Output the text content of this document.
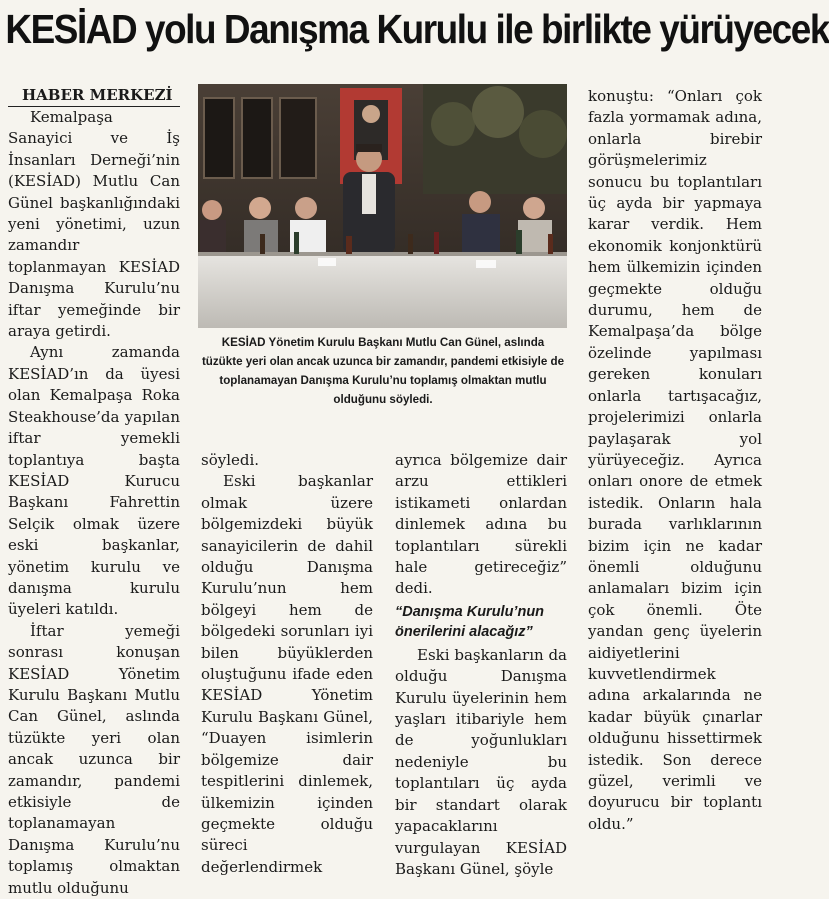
KESİAD yolu Danışma Kurulu ile birlikte yürüyecek
HABER MERKEZİ

Kemalpaşa Sanayici ve İş İnsanları Derneği’nin (KESİAD) Mutlu Can Günel başkanlığındaki yeni yönetimi, uzun zamandır toplanmayan KESİAD Danışma Kurulu’nu iftar yemeğinde bir araya getirdi.

Aynı zamanda KESİAD’ın da üyesi olan Kemalpaşa Roka Steakhouse’da yapılan iftar yemekli toplantıya başta KESİAD Kurucu Başkanı Fahrettin Selçik olmak üzere eski başkanlar, yönetim kurulu ve danışma kurulu üyeleri katıldı.

İftar yemeği sonrası konuşan KESİAD Yönetim Kurulu Başkanı Mutlu Can Günel, aslında tüzükte yeri olan ancak uzunca bir zamandır, pandemi etkisiyle de toplanamayan Danışma Kurulu’nu toplamış olmaktan mutlu olduğunu

KESİAD Yönetim Kurulu Başkanı Mutlu Can Günel, aslında tüzükte yeri olan ancak uzunca bir zamandır, pandemi etkisiyle de toplanamayan Danışma Kurulu’nu toplamış olmaktan mutlu olduğunu söyledi.

söyledi.

Eski başkanlar olmak üzere bölgemizdeki büyük sanayicilerin de dahil olduğu Danışma Kurulu’nun hem bölgeyi hem de bölgedeki sorunları iyi bilen büyüklerden oluştuğunu ifade eden KESİAD Yönetim Kurulu Başkanı Günel, “Duayen isimlerin bölgemize dair tespitlerini dinlemek, ülkemizin içinden geçmekte olduğu süreci değerlendirmek

ayrıca bölgemize dair arzu ettikleri istikameti onlardan dinlemek adına bu toplantıları sürekli hale getireceğiz” dedi.

“Danışma Kurulu’nun önerilerini alacağız”

Eski başkanların da olduğu Danışma Kurulu üyelerinin hem yaşları itibariyle hem de yoğunlukları nedeniyle bu toplantıları üç ayda bir standart olarak yapacaklarını vurgulayan KESİAD Başkanı Günel, şöyle

konuştu: “Onları çok fazla yormamak adına, onlarla birebir görüşmelerimiz sonucu bu toplantıları üç ayda bir yapmaya karar verdik. Hem ekonomik konjonktürü hem ülkemizin içinden geçmekte olduğu durumu, hem de Kemalpaşa’da bölge özelinde yapılması gereken konuları onlarla tartışacağız, projelerimizi onlarla paylaşarak yol yürüyeceğiz. Ayrıca onları onore de etmek istedik. Onların hala burada varlıklarının bizim için ne kadar önemli olduğunu anlamaları bizim için çok önemli. Öte yandan genç üyelerin aidiyetlerini kuvvetlendirmek adına arkalarında ne kadar büyük çınarlar olduğunu hissettirmek istedik. Son derece güzel, verimli ve doyurucu bir toplantı oldu.”
